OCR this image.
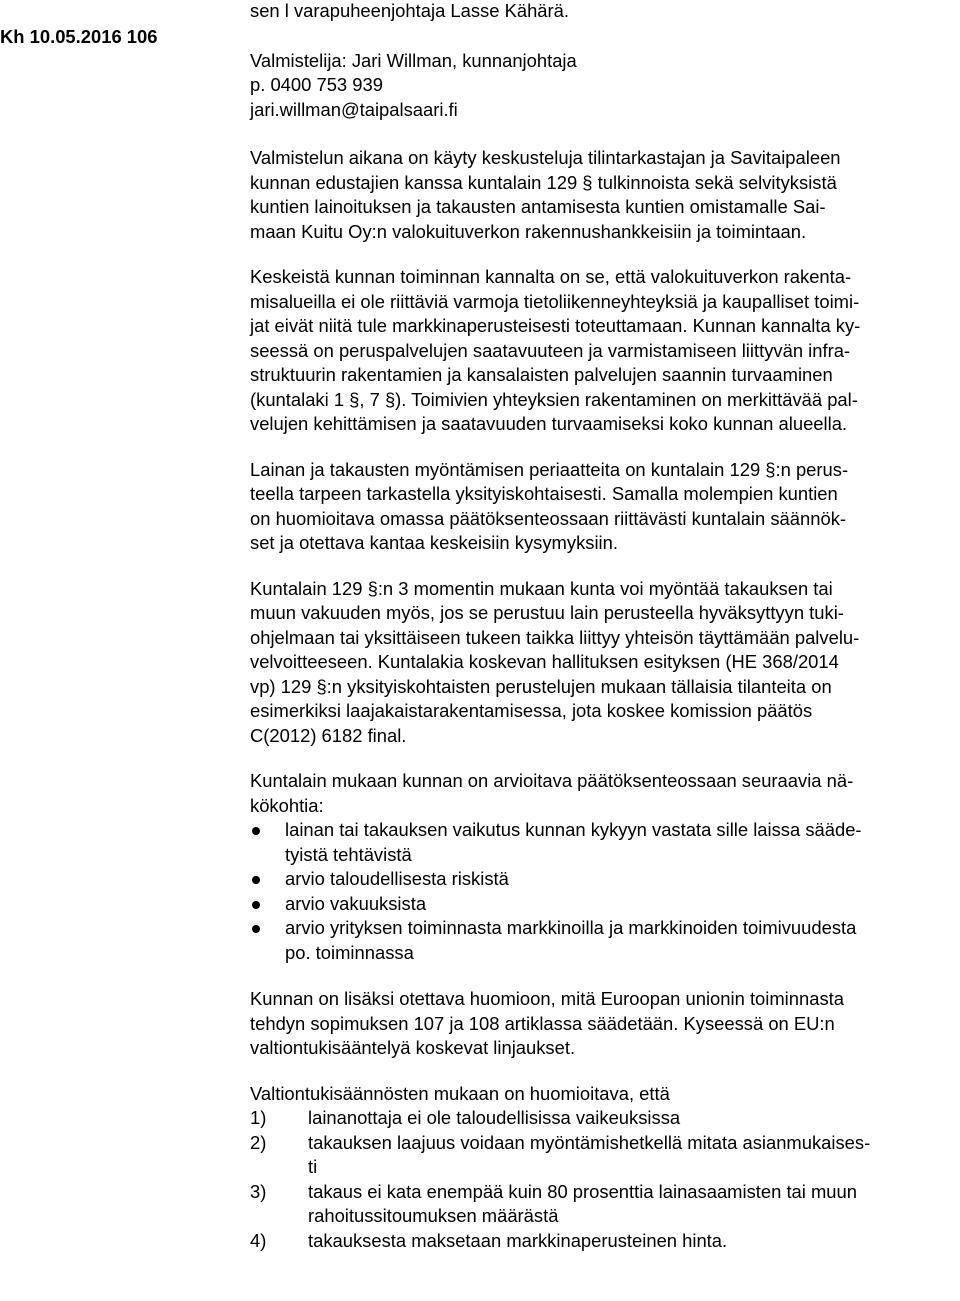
Kh 10.05.2016 106

sen l varapuheenjohtaja Lasse Kähärä.

Valmistelija: Jari Willman, kunnanjohtaja

p. 0400 753 939

jari.willman@taipalsaari.fi

Valmistelun aikana on käyty keskusteluja tilintarkastajan ja Savitaipaleen

kunnan edustajien kanssa kuntalain 129 § tulkinnoista sekä selvityksistä

kuntien lainoituksen ja takausten antamisesta kuntien omistamalle Sai-

maan Kuitu Oy:n valokuituverkon rakennushankkeisiin ja toimintaan.

Keskeistä kunnan toiminnan kannalta on se, että valokuituverkon rakenta-

misalueilla ei ole riittäviä varmoja tietoliikenneyhteyksiä ja kaupalliset toimi-

jat eivät niitä tule markkinaperusteisesti toteuttamaan. Kunnan kannalta ky-

seessä on peruspalvelujen saatavuuteen ja varmistamiseen liittyvän infra-

struktuurin rakentamien ja kansalaisten palvelujen saannin turvaaminen

(kuntalaki 1 §, 7 §). Toimivien yhteyksien rakentaminen on merkittävää pal-

velujen kehittämisen ja saatavuuden turvaamiseksi koko kunnan alueella.

Lainan ja takausten myöntämisen periaatteita on kuntalain 129 §:n perus-

teella tarpeen tarkastella yksityiskohtaisesti. Samalla molempien kuntien

on huomioitava omassa päätöksenteossaan riittävästi kuntalain säännök-

set ja otettava kantaa keskeisiin kysymyksiin.

Kuntalain 129 §:n 3 momentin mukaan kunta voi myöntää takauksen tai

muun vakuuden myös, jos se perustuu lain perusteella hyväksyttyyn tuki-

ohjelmaan tai yksittäiseen tukeen taikka liittyy yhteisön täyttämään palvelu-

velvoitteeseen. Kuntalakia koskevan hallituksen esityksen (HE 368/2014

vp) 129 §:n yksityiskohtaisten perustelujen mukaan tällaisia tilanteita on

esimerkiksi laajakaistarakentamisessa, jota koskee komission päätös

C(2012) 6182 final.

Kuntalain mukaan kunnan on arvioitava päätöksenteossaan seuraavia nä-

kökohtia:

lainan tai takauksen vaikutus kunnan kykyyn vastata sille laissa sääde-

tyistä tehtävistä

arvio taloudellisesta riskistä

arvio vakuuksista

arvio yrityksen toiminnasta markkinoilla ja markkinoiden toimivuudesta

po. toiminnassa

Kunnan on lisäksi otettava huomioon, mitä Euroopan unionin toiminnasta

tehdyn sopimuksen 107 ja 108 artiklassa säädetään. Kyseessä on EU:n

valtiontukisääntelyä koskevat linjaukset.

Valtiontukisäännösten mukaan on huomioitava, että

1) lainanottaja ei ole taloudellisissa vaikeuksissa

2) takauksen laajuus voidaan myöntämishetkellä mitata asianmukaises-

ti

3) takaus ei kata enempää kuin 80 prosenttia lainasaamisten tai muun

rahoitussitoumuksen määrästä

4) takauksesta maksetaan markkinaperusteinen hinta.
